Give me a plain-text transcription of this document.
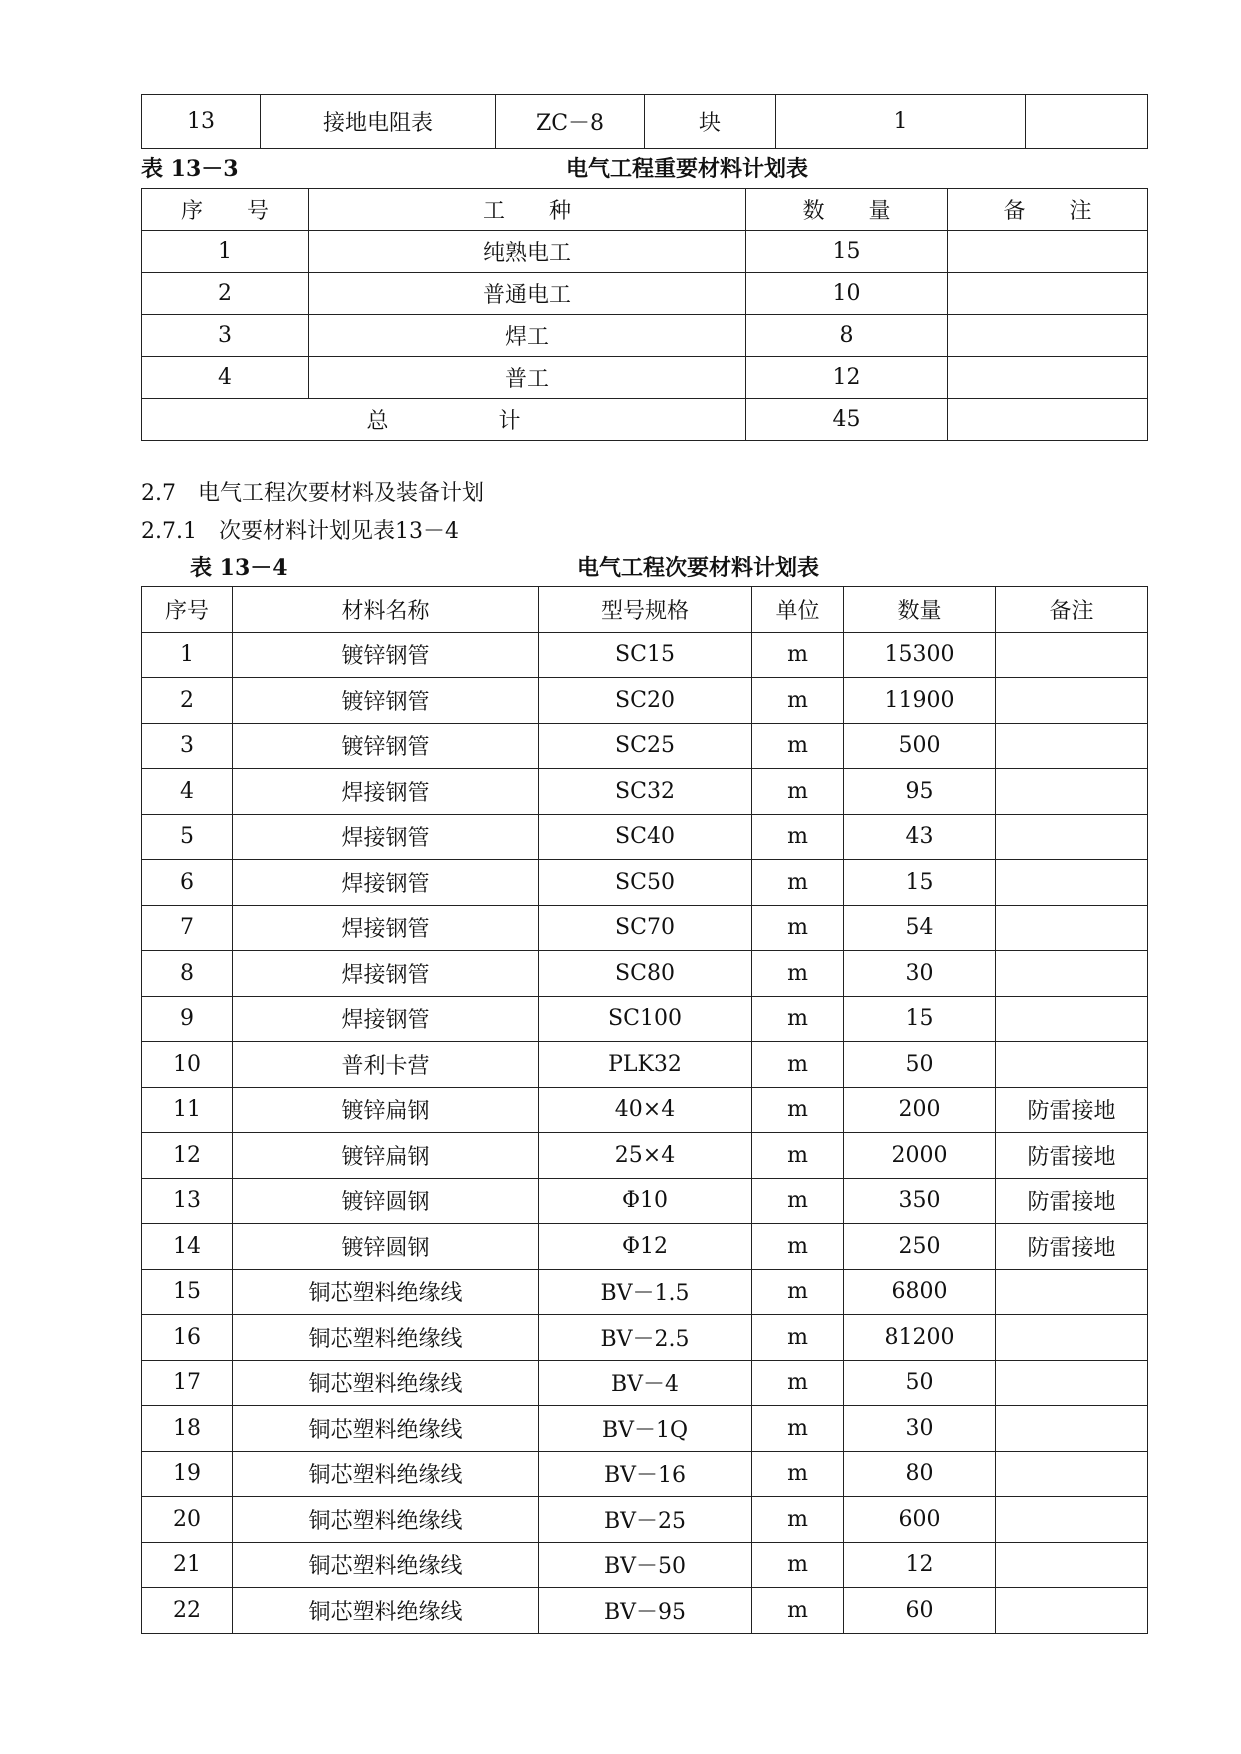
13	接地电阻表	ZC－8	块	1	
表 13－3	电气工程重要材料计划表
序　　号	工　　种	数　　量	备　　注
1	纯熟电工	15	
2	普通电工	10	
3	焊工	8	
4	普工	12	
总　　　　　计		45	
2.7　电气工程次要材料及装备计划
2.7.1　次要材料计划见表13－4
表 13－4	电气工程次要材料计划表
序号	材料名称	型号规格	单位	数量	备注
1	镀锌钢管	SC15	m	15300	
2	镀锌钢管	SC20	m	11900	
3	镀锌钢管	SC25	m	500	
4	焊接钢管	SC32	m	95	
5	焊接钢管	SC40	m	43	
6	焊接钢管	SC50	m	15	
7	焊接钢管	SC70	m	54	
8	焊接钢管	SC80	m	30	
9	焊接钢管	SC100	m	15	
10	普利卡营	PLK32	m	50	
11	镀锌扁钢	40×4	m	200	防雷接地
12	镀锌扁钢	25×4	m	2000	防雷接地
13	镀锌圆钢	Φ10	m	350	防雷接地
14	镀锌圆钢	Φ12	m	250	防雷接地
15	铜芯塑料绝缘线	BV－1.5	m	6800	
16	铜芯塑料绝缘线	BV－2.5	m	81200	
17	铜芯塑料绝缘线	BV－4	m	50	
18	铜芯塑料绝缘线	BV－1Q	m	30	
19	铜芯塑料绝缘线	BV－16	m	80	
20	铜芯塑料绝缘线	BV－25	m	600	
21	铜芯塑料绝缘线	BV－50	m	12	
22	铜芯塑料绝缘线	BV－95	m	60	
